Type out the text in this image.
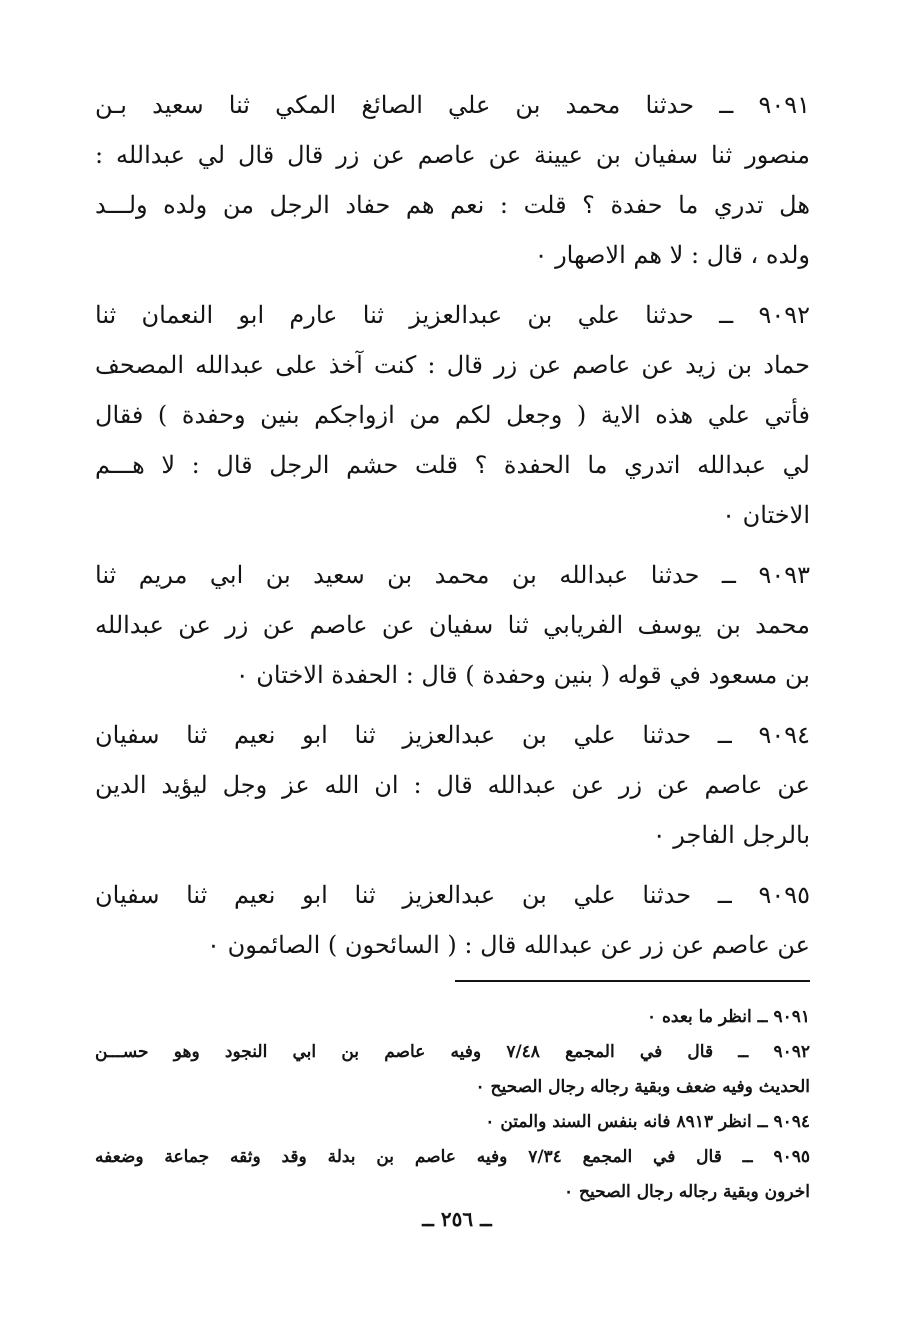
٩٠٩١ ــ حدثنا محمد بن علي الصائغ المكي ثنا سعيد بـن
منصور ثنا سفيان بن عيينة عن عاصم عن زر قال قال لي عبدالله :
هل تدري ما حفدة ؟ قلت : نعم هم حفاد الرجل من ولده ولـــد
ولده ، قال : لا هم الاصهار ٠
٩٠٩٢ ــ حدثنا علي بن عبدالعزيز ثنا عارم ابو النعمان ثنا
حماد بن زيد عن عاصم عن زر قال : كنت آخذ على عبدالله المصحف
فأتي علي هذه الاية ( وجعل لكم من ازواجكم بنين وحفدة ) فقال
لي عبدالله اتدري ما الحفدة ؟ قلت حشم الرجل قال : لا هـــم
الاختان ٠
٩٠٩٣ ــ حدثنا عبدالله بن محمد بن سعيد بن ابي مريم ثنا
محمد بن يوسف الفريابي ثنا سفيان عن عاصم عن زر عن عبدالله
بن مسعود في قوله ( بنين وحفدة ) قال : الحفدة الاختان ٠
٩٠٩٤ ــ حدثنا علي بن عبدالعزيز ثنا ابو نعيم ثنا سفيان
عن عاصم عن زر عن عبدالله قال : ان الله عز وجل ليؤيد الدين
بالرجل الفاجر ٠
٩٠٩٥ ــ حدثنا علي بن عبدالعزيز ثنا ابو نعيم ثنا سفيان
عن عاصم عن زر عن عبدالله قال : ( السائحون ) الصائمون ٠
٩٠٩١ ــ انظر ما بعده ٠
٩٠٩٢ ــ قال في المجمع ٧/٤٨ وفيه عاصم بن ابي النجود وهو حســـن
الحديث وفيه ضعف وبقية رجاله رجال الصحيح ٠
٩٠٩٤ ــ انظر ٨٩١٣ فانه بنفس السند والمتن ٠
٩٠٩٥ ــ قال في المجمع ٧/٣٤ وفيه عاصم بن بدلة وقد وثقه جماعة وضعفه
اخرون وبقية رجاله رجال الصحيح ٠
ــ ٢٥٦ ــ
